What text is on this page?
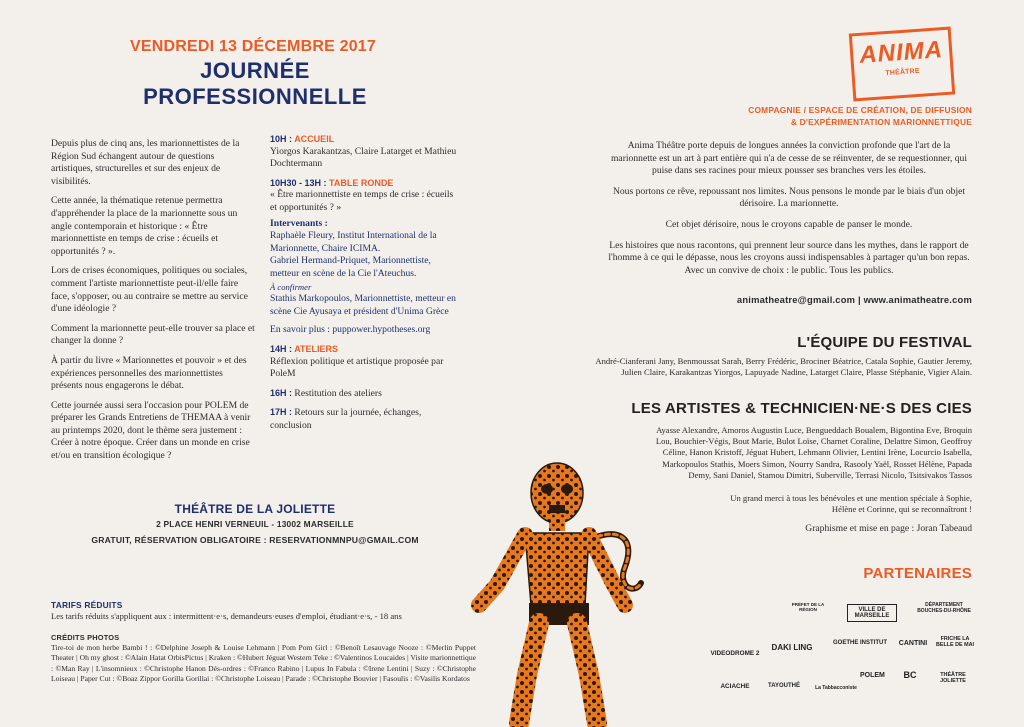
VENDREDI 13 DÉCEMBRE 2017
JOURNÉE PROFESSIONNELLE

Depuis plus de cinq ans, les marionnettistes de la Région Sud échangent autour de questions artistiques, structurelles et sur des enjeux de visibilités.

Cette année, la thématique retenue permettra d'appréhender la place de la marionnette sous un angle contemporain et historique : « Être marionnettiste en temps de crise : écueils et opportunités ? ».

Lors de crises économiques, politiques ou sociales, comment l'artiste marionnettiste peut-il/elle faire face, s'opposer, ou au contraire se mettre au service d'une idéologie ?

Comment la marionnette peut-elle trouver sa place et changer la donne ?

À partir du livre « Marionnettes et pouvoir » et des expériences personnelles des marionnettistes présents nous engagerons le débat.

Cette journée aussi sera l'occasion pour POLEM de préparer les Grands Entretiens de THEMAA à venir au printemps 2020, dont le thème sera justement : Créer à notre époque. Créer dans un monde en crise et/ou en transition écologique ?

10H : ACCUEIL

Yiorgos Karakantzas, Claire Latarget et Mathieu Dochtermann

10H30 - 13H : TABLE RONDE

« Être marionnettiste en temps de crise : écueils et opportunités ? »

Intervenants :

Raphaèle Fleury, Institut International de la Marionnette, Chaire ICIMA.

Gabriel Hermand-Priquet, Marionnettiste, metteur en scène de la Cie l'Ateuchus.

À confirmer

Stathis Markopoulos, Marionnettiste, metteur en scène Cie Ayusaya et président d'Unima Grèce

En savoir plus : puppower.hypotheses.org

14H : ATELIERS

Réflexion politique et artistique proposée par PoleM

16H : Restitution des ateliers

17H : Retours sur la journée, échanges, conclusion

THÉÂTRE DE LA JOLIETTE
2 PLACE HENRI VERNEUIL - 13002 MARSEILLE
GRATUIT, RÉSERVATION OBLIGATOIRE : RESERVATIONMNPU@GMAIL.COM
TARIFS RÉDUITS
Les tarifs réduits s'appliquent aux : intermittent·e·s, demandeurs·euses d'emploi, étudiant·e·s, - 18 ans
CRÉDITS PHOTOS
Tire-toi de mon herbe Bambi ! : ©Delphine Joseph & Louise Lehmann | Pom Pom Girl : ©Benoît Lesauvage Nooze : ©Merlin Puppet Theater | Oh my ghost : ©Alain Hatat OrbisPictus | Kraken : ©Hubert Jéguat Western Teke : ©Valentinos Loucaides | Visite marionnettique : ©Man Ray | L'insomnieux : ©Christophe Hanon Dés-ordres : ©Franco Rabino | Lupus In Fabula : ©Irene Lentini | Suzy : ©Christophe Loiseau | Paper Cut : ©Boaz Zippor Gorilla Gorillai : ©Christophe Loiseau | Parade : ©Christophe Bouvier | Fasoulis : ©Vasilis Kordatos
ANIMA
THÉÂTRE
COMPAGNIE / ESPACE DE CRÉATION, DE DIFFUSION
& D'EXPÉRIMENTATION MARIONNETTIQUE

Anima Théâtre porte depuis de longues années la conviction profonde que l'art de la marionnette est un art à part entière qui n'a de cesse de se réinventer, de se requestionner, qui puise dans ses racines pour mieux pousser ses branches vers les étoiles.

Nous portons ce rêve, repoussant nos limites. Nous pensons le monde par le biais d'un objet dérisoire. La marionnette.

Cet objet dérisoire, nous le croyons capable de panser le monde.

Les histoires que nous racontons, qui prennent leur source dans les mythes, dans le rapport de l'homme à ce qui le dépasse, nous les croyons aussi indispensables à partager qu'un bon repas. Avec un convive de choix : le public. Tous les publics.

animatheatre@gmail.com | www.animatheatre.com
L'ÉQUIPE DU FESTIVAL
André-Cianferani Jany, Benmoussat Sarah, Berry Frédéric, Brociner Béatrice, Catala Sophie, Gautier Jeremy, Julien Claire, Karakantzas Yiorgos, Lapuyade Nadine, Latarget Claire, Plasse Stéphanie, Vigier Alain.
LES ARTISTES & TECHNICIEN·NE·S DES CIES
Ayasse Alexandre, Amoros Augustin Luce, Bengueddach Boualem, Bigontina Eve, Broquin Lou, Bouchier-Végis, Bout Marie, Bulot Loïse, Charnet Coraline, Delattre Simon, Geoffroy Céline, Hanon Kristoff, Jéguat Hubert, Lehmann Olivier, Lentini Irène, Locurcio Isabella, Markopoulos Stathis, Moers Simon, Nourry Sandra, Rasooly Yaël, Rosset Hélène, Papada Demy, Sani Daniel, Stamou Dimitri, Suberville, Terrasi Nicolo, Tsitsivakos Tassos
Un grand merci à tous les bénévoles et une mention spéciale à Sophie, Hélène et Corinne, qui se reconnaîtront !
Graphisme et mise en page : Joran Tabeaud
PARTENAIRES
PRÉFET DE LA RÉGION	VILLE DE MARSEILLE
DÉPARTEMENT BOUCHES-DU-RHÔNE
VIDEODROME 2
DAKI LING	GOETHE INSTITUT	CANTINI
FRICHE LA BELLE DE MAI
ACIACHE	TAYOUTHÉ	La Tabbacconiste
POLEM	BC	THÉÂTRE JOLIETTE
